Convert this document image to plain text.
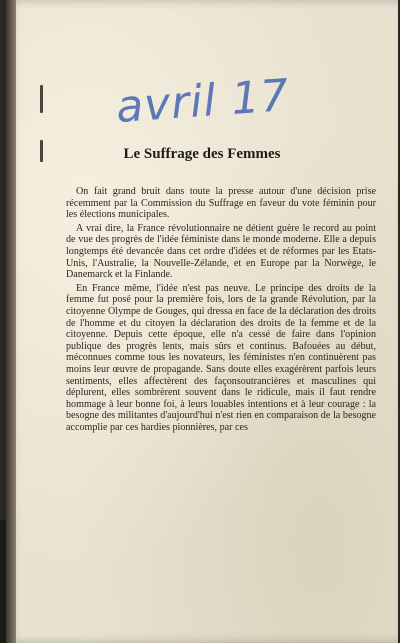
avril 17
Le Suffrage des Femmes

On fait grand bruit dans toute la presse autour d'une décision prise récemment par la Commission du Suffrage en faveur du vote féminin pour les élections municipales.

A vrai dire, la France révolutionnaire ne détient guère le record au point de vue des progrès de l'idée féministe dans le monde moderne. Elle a depuis longtemps été devancée dans cet ordre d'idées et de réformes par les Etats-Unis, l'Australie, la Nouvelle-Zélande, et en Europe par la Norwège, le Danemarck et la Finlande.

En France même, l'idée n'est pas neuve. Le principe des droits de la femme fut posé pour la première fois, lors de la grande Révolution, par la citoyenne Olympe de Gouges, qui dressa en face de la déclaration des droits de l'homme et du citoyen la déclaration des droits de la femme et de la citoyenne. Depuis cette époque, elle n'a cessé de faire dans l'opinion publique des progrès lents, mais sûrs et continus. Bafouées au début, méconnues comme tous les novateurs, les féministes n'en continuèrent pas moins leur œuvre de propagande. Sans doute elles exagérèrent parfois leurs sentiments, elles affectèrent des façonsoutrancières et masculines qui déplurent, elles sombrèrent souvent dans le ridicule, mais il faut rendre hommage à leur bonne foi, à leurs louables intentions et à leur courage : la besogne des militantes d'aujourd'hui n'est rien en comparaison de la besogne accomplie par ces hardies pionnières, par ces
